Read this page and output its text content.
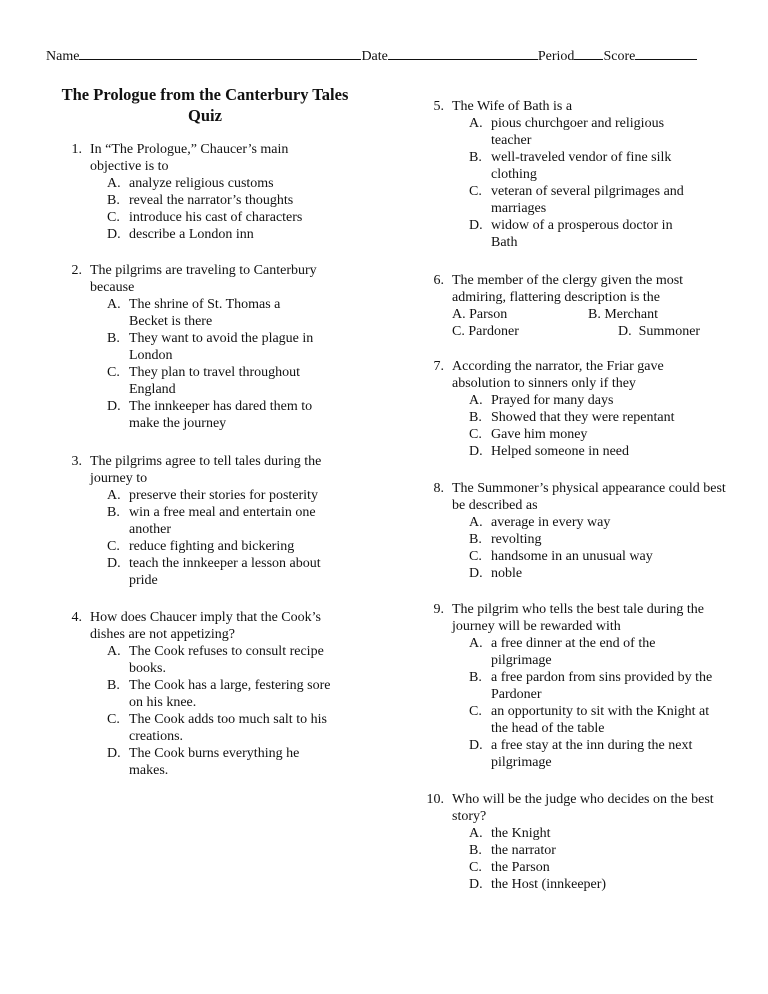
Name	Date	Period Score
The Prologue from the Canterbury Tales
Quiz
1. In “The Prologue,” Chaucer’s main objective is to
A. analyze religious customs
B. reveal the narrator’s thoughts
C. introduce his cast of characters
D. describe a London inn
2. The pilgrims are traveling to Canterbury because
A. The shrine of St. Thomas a Becket is there
B. They want to avoid the plague in London
C. They plan to travel throughout England
D. The innkeeper has dared them to make the journey
3. The pilgrims agree to tell tales during the journey to
A. preserve their stories for posterity
B. win a free meal and entertain one another
C. reduce fighting and bickering
D. teach the innkeeper a lesson about pride
4. How does Chaucer imply that the Cook’s dishes are not appetizing?
A. The Cook refuses to consult recipe books.
B. The Cook has a large, festering sore on his knee.
C. The Cook adds too much salt to his creations.
D. The Cook burns everything he makes.
5. The Wife of Bath is a
A. pious churchgoer and religious teacher
B. well-traveled vendor of fine silk clothing
C. veteran of several pilgrimages and marriages
D. widow of a prosperous doctor in Bath
6. The member of the clergy given the most admiring, flattering description is the
A. Parson	B. Merchant
C. Pardoner	D. Summoner
7. According the narrator, the Friar gave absolution to sinners only if they
A. Prayed for many days
B. Showed that they were repentant
C. Gave him money
D. Helped someone in need
8. The Summoner’s physical appearance could best be described as
A. average in every way
B. revolting
C. handsome in an unusual way
D. noble
9. The pilgrim who tells the best tale during the journey will be rewarded with
A. a free dinner at the end of the pilgrimage
B. a free pardon from sins provided by the Pardoner
C. an opportunity to sit with the Knight at the head of the table
D. a free stay at the inn during the next pilgrimage
10. Who will be the judge who decides on the best story?
A. the Knight
B. the narrator
C. the Parson
D. the Host (innkeeper)
